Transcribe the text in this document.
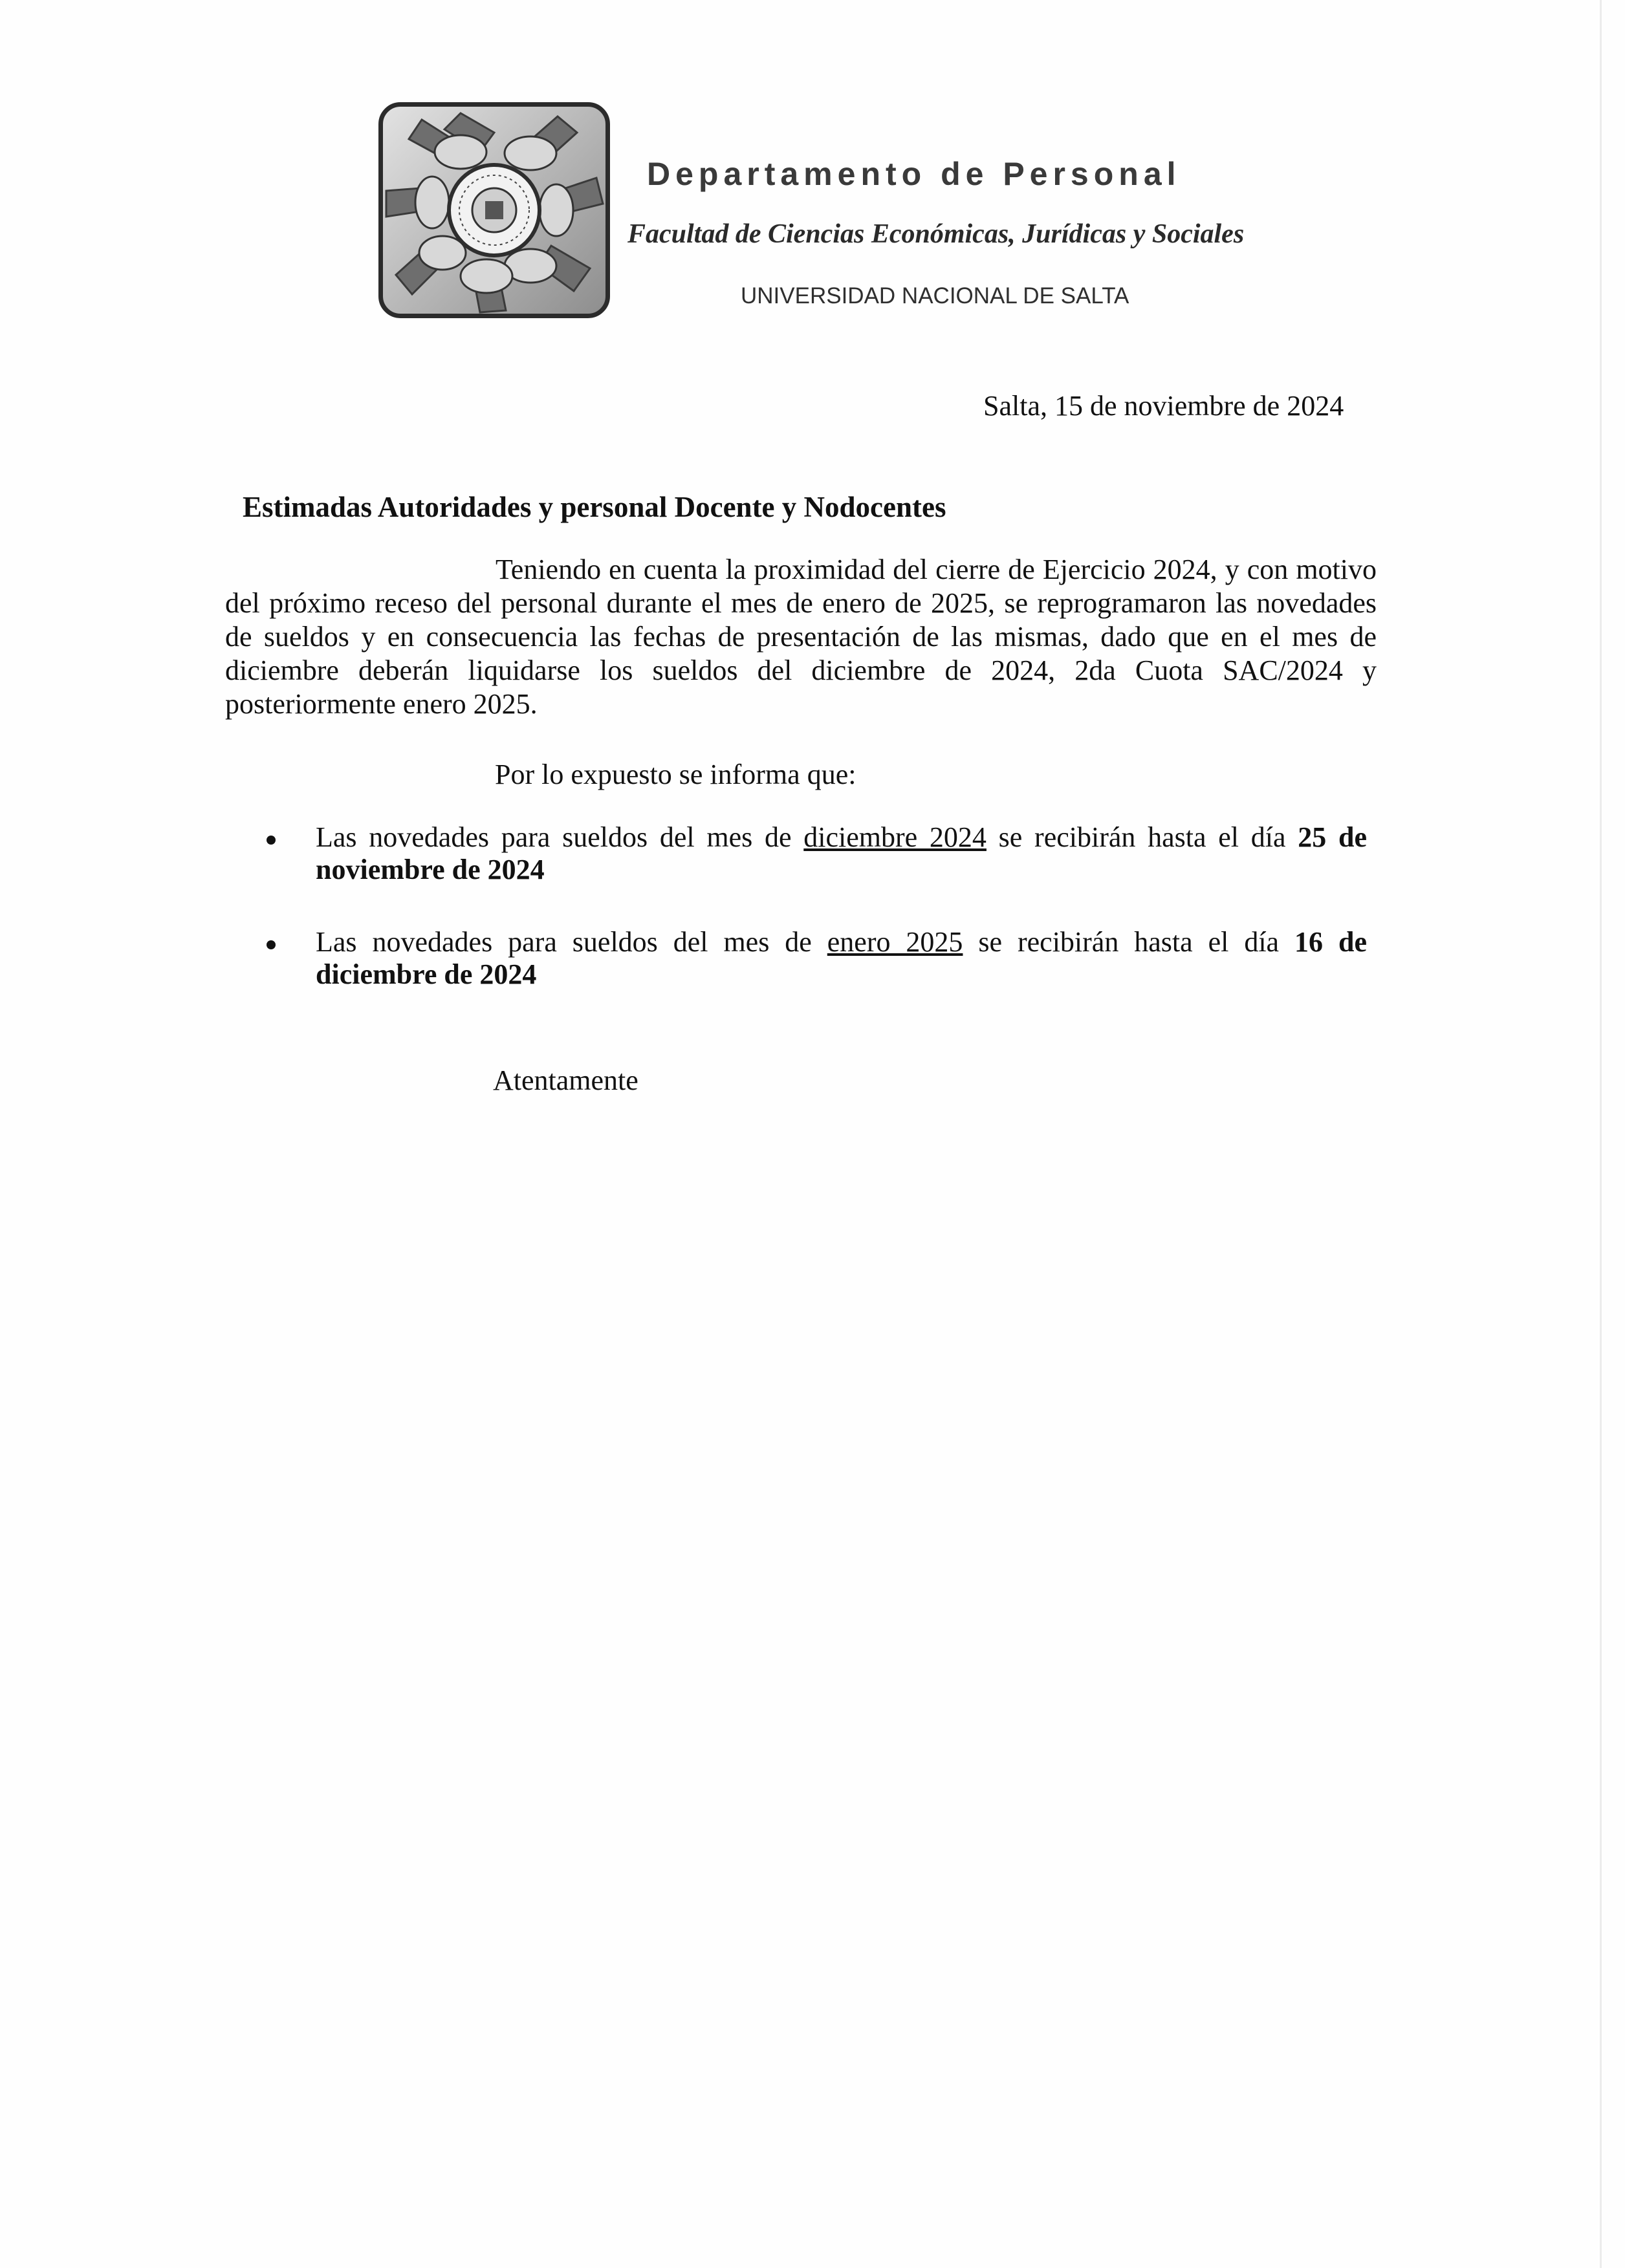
Departamento de Personal

Facultad de Ciencias Económicas, Jurídicas y Sociales

UNIVERSIDAD NACIONAL DE SALTA

Salta, 15 de noviembre de 2024
Estimadas Autoridades y personal Docente y Nodocentes

Teniendo en cuenta la proximidad del cierre de Ejercicio 2024, y con motivo del próximo receso del personal durante el mes de enero de 2025, se reprogramaron las novedades de sueldos y en consecuencia las fechas de presentación de las mismas, dado que en el mes de diciembre deberán liquidarse los sueldos del diciembre de 2024, 2da Cuota SAC/2024 y posteriormente enero 2025.

Por lo expuesto se informa que:

Las novedades para sueldos del mes de diciembre 2024 se recibirán hasta el día 25 de noviembre de 2024
Las novedades para sueldos del mes de enero 2025 se recibirán hasta el día 16 de diciembre de 2024

Atentamente
